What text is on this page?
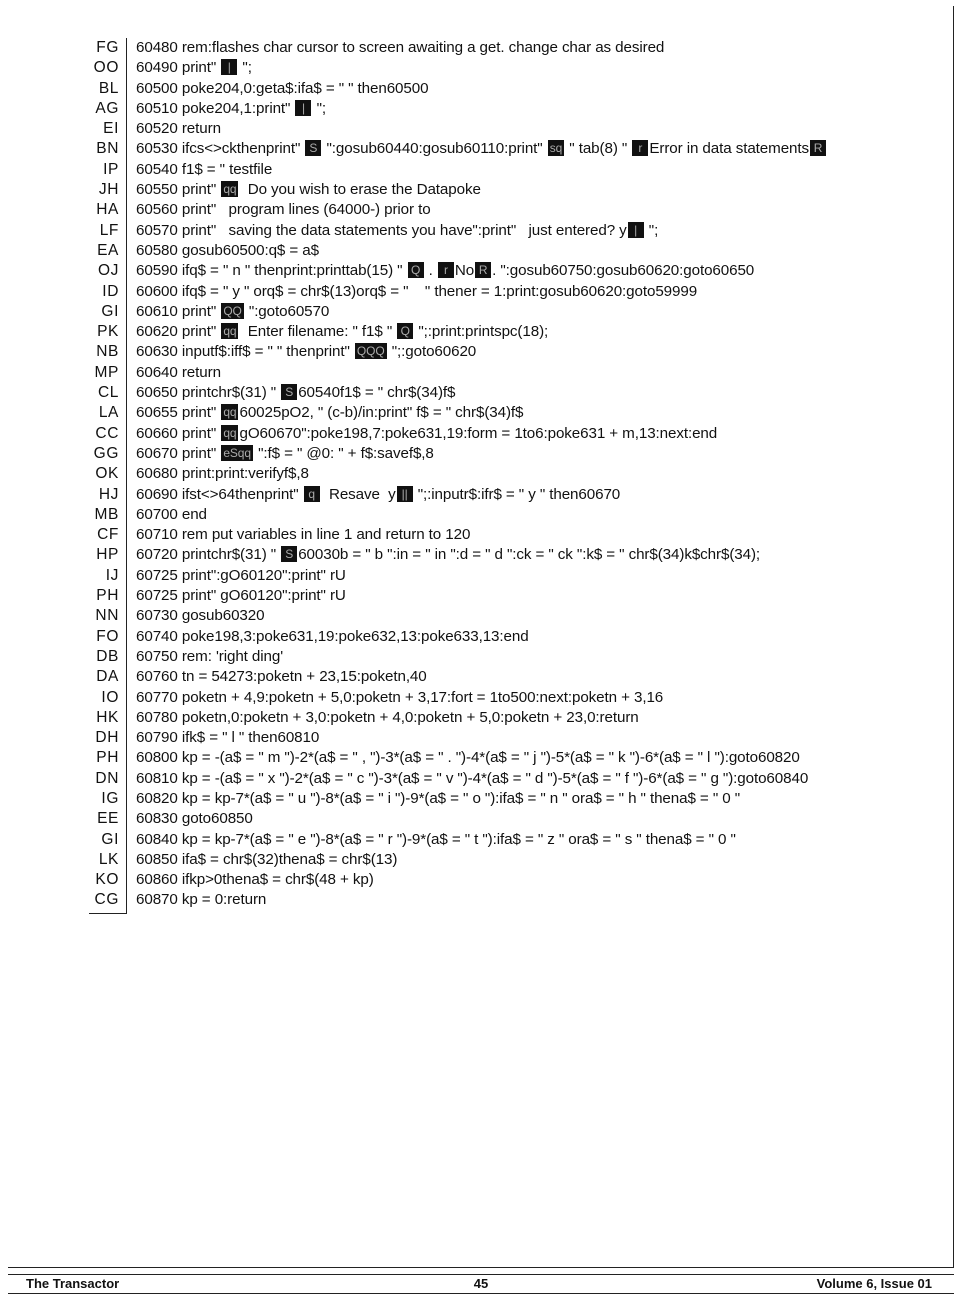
FG
OO
BL
AG
EI
BN
IP
JH
HA
LF
EA
OJ
ID
GI
PK
NB
MP
CL
LA
CC
GG
OK
HJ
MB
CF
HP
IJ
PH
NN
FO
DB
DA
IO
HK
DH
PH
DN
IG
EE
GI
LK
KO
CG
60480 rem:flashes char cursor to screen awaiting a get. change char as desired
60490 print" | ";
60500 poke204,0:geta$:ifa$ = " " then60500
60510 poke204,1:print" | ";
60520 return
60530 ifcs<>ckthenprint" S ":gosub60440:gosub60110:print" sq " tab(8) " r Error in data statements R
60540 f1$ = " testfile
60550 print" qq  Do you wish to erase the Datapoke
60560 print"   program lines (64000-) prior to
60570 print"   saving the data statements you have":print"   just entered? y | ";
60580 gosub60500:q$ = a$
60590 ifq$ = " n " thenprint:printtab(15) " Q . r No R . ":gosub60750:gosub60620:goto60650
60600 ifq$ = " y " orq$ = chr$(13)orq$ = "    " thener = 1:print:gosub60620:goto59999
60610 print" QQ ":goto60570
60620 print" qq  Enter filename: " f1$ " Q ";:print:printspc(18);
60630 inputf$:iff$ = " " thenprint" QQQ ";:goto60620
60640 return
60650 printchr$(31) " S 60540f1$ = " chr$(34)f$
60655 print" qq 60025pO2, " (c-b)/in:print" f$ = " chr$(34)f$
60660 print" qq gO60670":poke198,7:poke631,19:form = 1to6:poke631 + m,13:next:end
60670 print" eSqq ":f$ = " @0: " + f$:savef$,8
60680 print:print:verifyf$,8
60690 ifst<>64thenprint" q  Resave  y || ";:inputr$:ifr$ = " y " then60670
60700 end
60710 rem put variables in line 1 and return to 120
60720 printchr$(31) " S 60030b = " b ":in = " in ":d = " d ":ck = " ck ":k$ = " chr$(34)k$chr$(34);
60725 print":gO60120":print" rU
60725 print" gO60120":print" rU
60730 gosub60320
60740 poke198,3:poke631,19:poke632,13:poke633,13:end
60750 rem: 'right ding'
60760 tn = 54273:poketn + 23,15:poketn,40
60770 poketn + 4,9:poketn + 5,0:poketn + 3,17:fort = 1to500:next:poketn + 3,16
60780 poketn,0:poketn + 3,0:poketn + 4,0:poketn + 5,0:poketn + 23,0:return
60790 ifk$ = " l " then60810
60800 kp = -(a$ = " m ")-2*(a$ = " , ")-3*(a$ = " . ")-4*(a$ = " j ")-5*(a$ = " k ")-6*(a$ = " l "):goto60820
60810 kp = -(a$ = " x ")-2*(a$ = " c ")-3*(a$ = " v ")-4*(a$ = " d ")-5*(a$ = " f ")-6*(a$ = " g "):goto60840
60820 kp = kp-7*(a$ = " u ")-8*(a$ = " i ")-9*(a$ = " o "):ifa$ = " n " ora$ = " h " thena$ = " 0 "
60830 goto60850
60840 kp = kp-7*(a$ = " e ")-8*(a$ = " r ")-9*(a$ = " t "):ifa$ = " z " ora$ = " s " thena$ = " 0 "
60850 ifa$ = chr$(32)thena$ = chr$(13)
60860 ifkp>0thena$ = chr$(48 + kp)
60870 kp = 0:return
The Transactor	45	Volume 6, Issue 01
